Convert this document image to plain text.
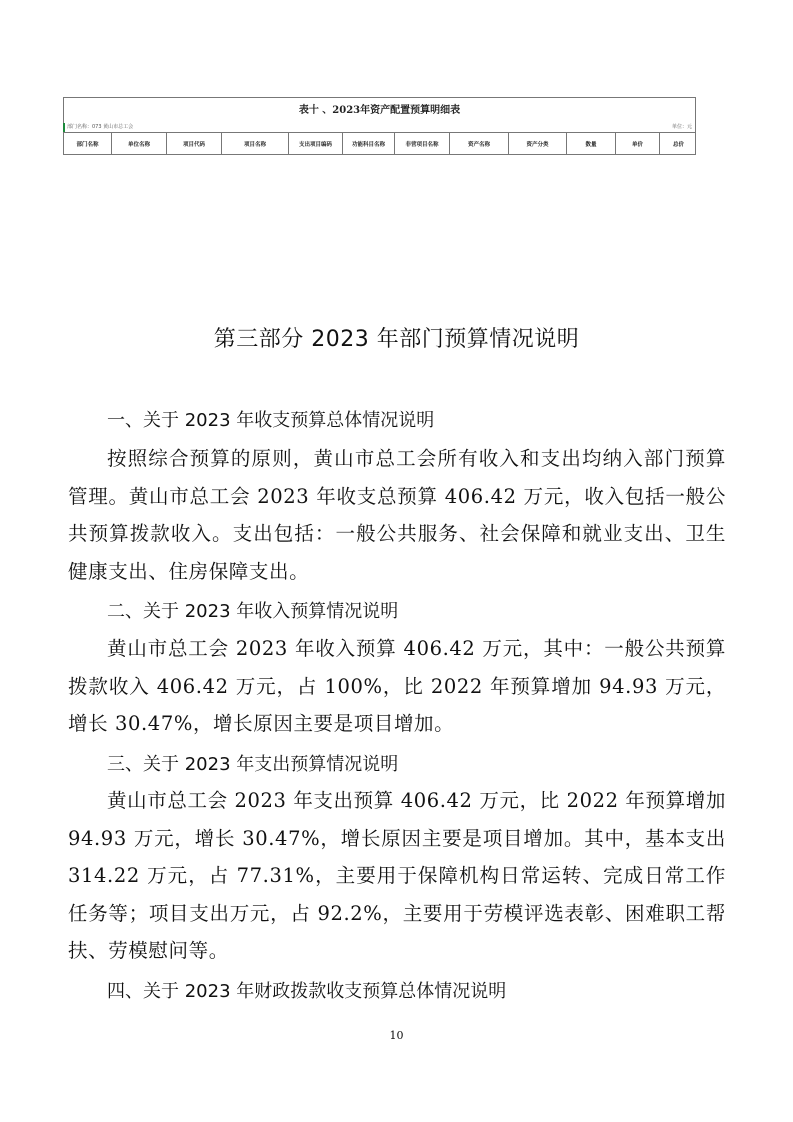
表十 、2023年资产配置预算明细表
部门名称：073 黄山市总工会	单位：元
部门名称	单位名称	项目代码	项目名称	支出项目编码	功能科目名称	非营项目名称	资产名称	资产分类	数量	单价	总价
第三部分 2023 年部门预算情况说明
一、关于 2023 年收支预算总体情况说明

按照综合预算的原则，黄山市总工会所有收入和支出均纳入部门预算管理。黄山市总工会 2023 年收支总预算 406.42 万元，收入包括一般公共预算拨款收入。支出包括：一般公共服务、社会保障和就业支出、卫生健康支出、住房保障支出。

二、关于 2023 年收入预算情况说明

黄山市总工会 2023 年收入预算 406.42 万元，其中：一般公共预算拨款收入 406.42 万元，占 100%，比 2022 年预算增加 94.93 万元，增长 30.47%，增长原因主要是项目增加。

三、关于 2023 年支出预算情况说明

黄山市总工会 2023 年支出预算 406.42 万元，比 2022 年预算增加 94.93 万元，增长 30.47%，增长原因主要是项目增加。其中，基本支出 314.22 万元，占 77.31%，主要用于保障机构日常运转、完成日常工作任务等；项目支出万元，占 92.2%，主要用于劳模评选表彰、困难职工帮扶、劳模慰问等。

四、关于 2023 年财政拨款收支预算总体情况说明
10
